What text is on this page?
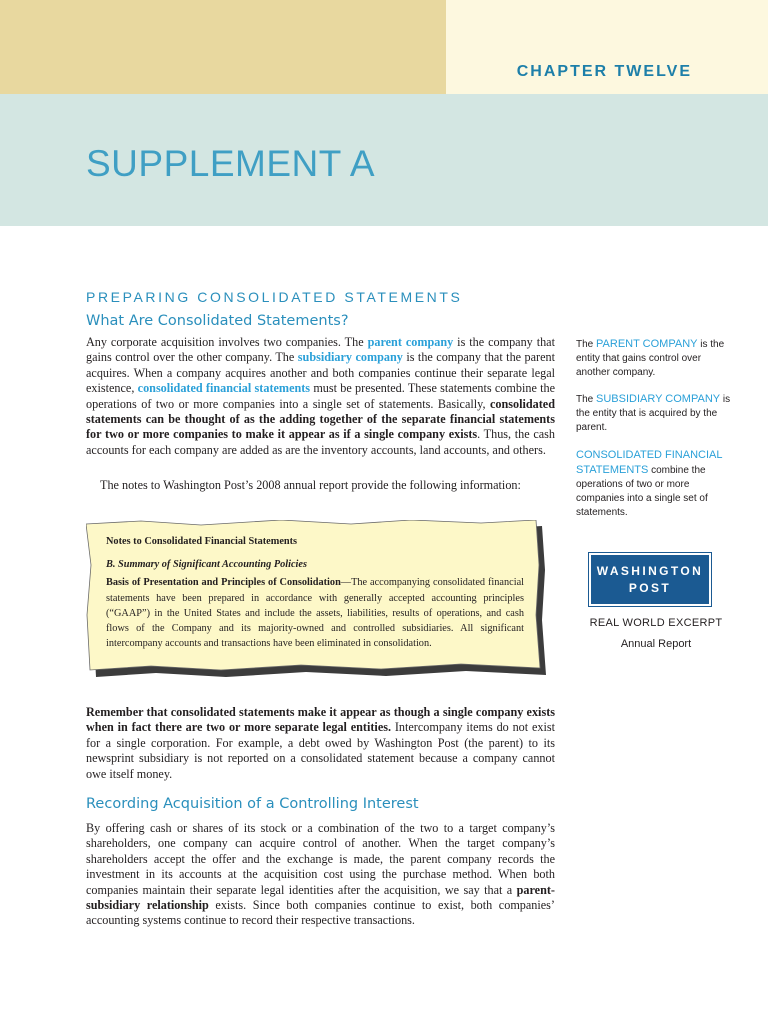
CHAPTER TWELVE
SUPPLEMENT A
PREPARING CONSOLIDATED STATEMENTS
What Are Consolidated Statements?

Any corporate acquisition involves two companies. The parent company is the company that gains control over the other company. The subsidiary company is the company that the parent acquires. When a company acquires another and both companies continue their separate legal existence, consolidated financial statements must be presented. These statements combine the operations of two or more companies into a single set of statements. Basically, consolidated statements can be thought of as the adding together of the separate financial statements for two or more companies to make it appear as if a single company exists. Thus, the cash accounts for each company are added as are the inventory accounts, land accounts, and others.

The notes to Washington Post’s 2008 annual report provide the following information:

Notes to Consolidated Financial Statements
B. Summary of Significant Accounting Policies
Basis of Presentation and Principles of Consolidation—The accompanying consolidated financial statements have been prepared in accordance with generally accepted accounting principles (“GAAP”) in the United States and include the assets, liabilities, results of operations, and cash flows of the Company and its majority-owned and controlled subsidiaries. All significant intercompany accounts and transactions have been eliminated in consolidation.

Remember that consolidated statements make it appear as though a single company exists when in fact there are two or more separate legal entities. Intercompany items do not exist for a single corporation. For example, a debt owed by Washington Post (the parent) to its newsprint subsidiary is not reported on a consolidated statement because a company cannot owe itself money.

Recording Acquisition of a Controlling Interest

By offering cash or shares of its stock or a combination of the two to a target company’s shareholders, one company can acquire control of another. When the target company’s shareholders accept the offer and the exchange is made, the parent company records the investment in its accounts at the acquisition cost using the purchase method. When both companies maintain their separate legal identities after the acquisition, we say that a parent-subsidiary relationship exists. Since both companies continue to exist, both companies’ accounting systems continue to record their respective transactions.

The PARENT COMPANY is the entity that gains control over another company.
The SUBSIDIARY COMPANY is the entity that is acquired by the parent.
CONSOLIDATED FINANCIAL STATEMENTS combine the operations of two or more companies into a single set of statements.
WASHINGTON
POST
REAL WORLD EXCERPT
Annual Report
